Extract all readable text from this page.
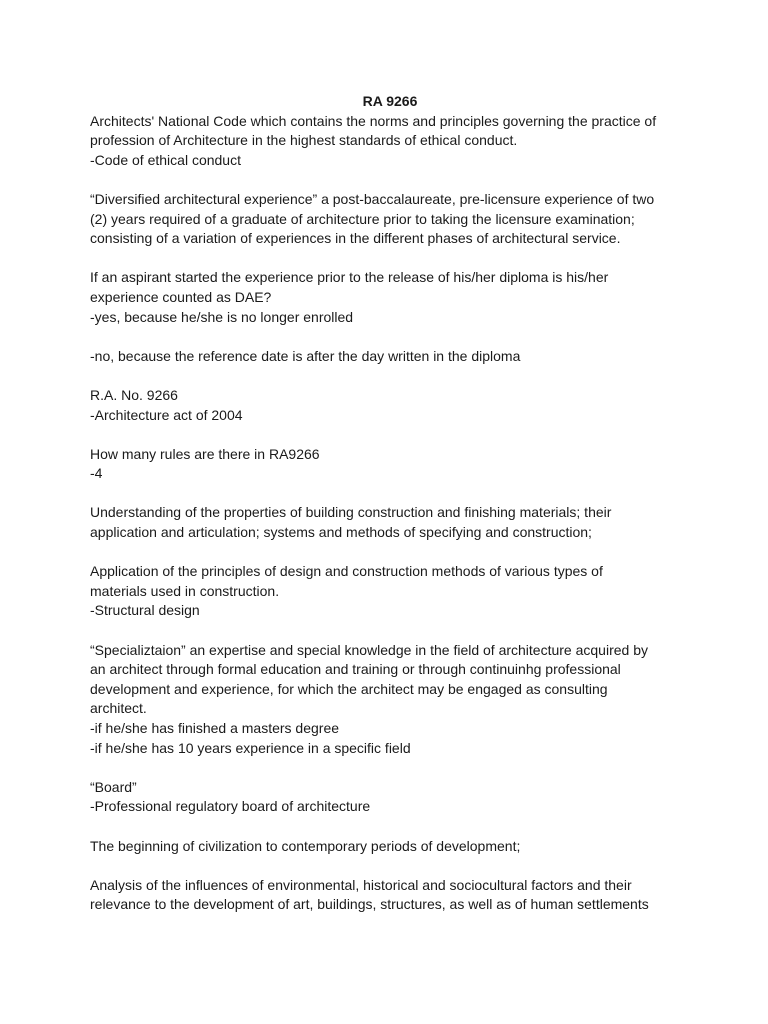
RA 9266
Architects' National Code which contains the norms and principles governing the practice of
profession of Architecture in the highest standards of ethical conduct.
-Code of ethical conduct
“Diversified architectural experience” a post-baccalaureate, pre-licensure experience of two
(2) years required of a graduate of architecture prior to taking the licensure examination;
consisting of a variation of experiences in the different phases of architectural service.
If an aspirant started the experience prior to the release of his/her diploma is his/her
experience counted as DAE?
-yes, because he/she is no longer enrolled
-no, because the reference date is after the day written in the diploma
R.A. No. 9266
-Architecture act of 2004
How many rules are there in RA9266
-4
Understanding of the properties of building construction and finishing materials; their
application and articulation; systems and methods of specifying and construction;
Application of the principles of design and construction methods of various types of
materials used in construction.
-Structural design
“Specializtaion” an expertise and special knowledge in the field of architecture acquired by
an architect through formal education and training or through continuinhg professional
development and experience, for which the architect may be engaged as consulting
architect.
-if he/she has finished a masters degree
-if he/she has 10 years experience in a specific field
“Board”
-Professional regulatory board of architecture
The beginning of civilization to contemporary periods of development;
Analysis of the influences of environmental, historical and sociocultural factors and their
relevance to the development of art, buildings, structures, as well as of human settlements
